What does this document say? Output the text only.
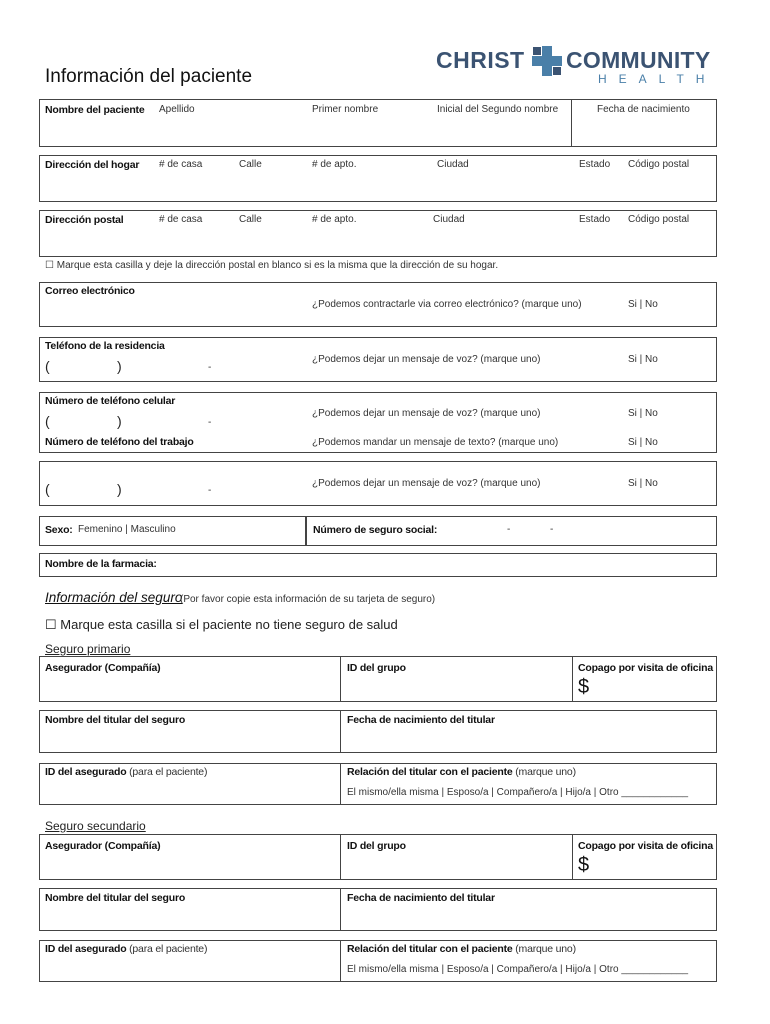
CHRIST COMMUNITY
HEALTH
Información del paciente
Nombre del paciente Apellido	Primer nombre	Inicial del Segundo nombre	Fecha de nacimiento
Dirección del hogar # de casa	Calle	# de apto.	Ciudad	Estado Código postal
Dirección postal	# de casa	Calle	# de apto.	Ciudad	Estado Código postal
☐ Marque esta casilla y deje la dirección postal en blanco si es la misma que la dirección de su hogar.
Correo electrónico
¿Podemos contractarle via correo electrónico? (marque uno)	Si | No
Teléfono de la residencia
(	)	-
¿Podemos dejar un mensaje de voz? (marque uno)	Si | No
Número de teléfono celular
(	)	-
¿Podemos dejar un mensaje de voz? (marque uno)	Si | No
¿Podemos mandar un mensaje de texto? (marque uno)	Si | No
Número de teléfono del trabajo
(	)	-
¿Podemos dejar un mensaje de voz? (marque uno)	Si | No
Sexo: Femenino | Masculino	Número de seguro social:	-	-
Nombre de la farmacia:
Información del seguro
(Por favor copie esta información de su tarjeta de seguro)
☐ Marque esta casilla si el paciente no tiene seguro de salud
Seguro primario
Asegurador (Compañía)	ID del grupo	Copago por visita de oficina
$
Nombre del titular del seguro	Fecha de nacimiento del titular
ID del asegurado (para el paciente)	Relación del titular con el paciente (marque uno)
El mismo/ella misma | Esposo/a | Compañero/a | Hijo/a | Otro ____________
Seguro secundario
Asegurador (Compañía)	ID del grupo	Copago por visita de oficina
$
Nombre del titular del seguro	Fecha de nacimiento del titular
ID del asegurado (para el paciente)	Relación del titular con el paciente (marque uno)
El mismo/ella misma | Esposo/a | Compañero/a | Hijo/a | Otro ____________
